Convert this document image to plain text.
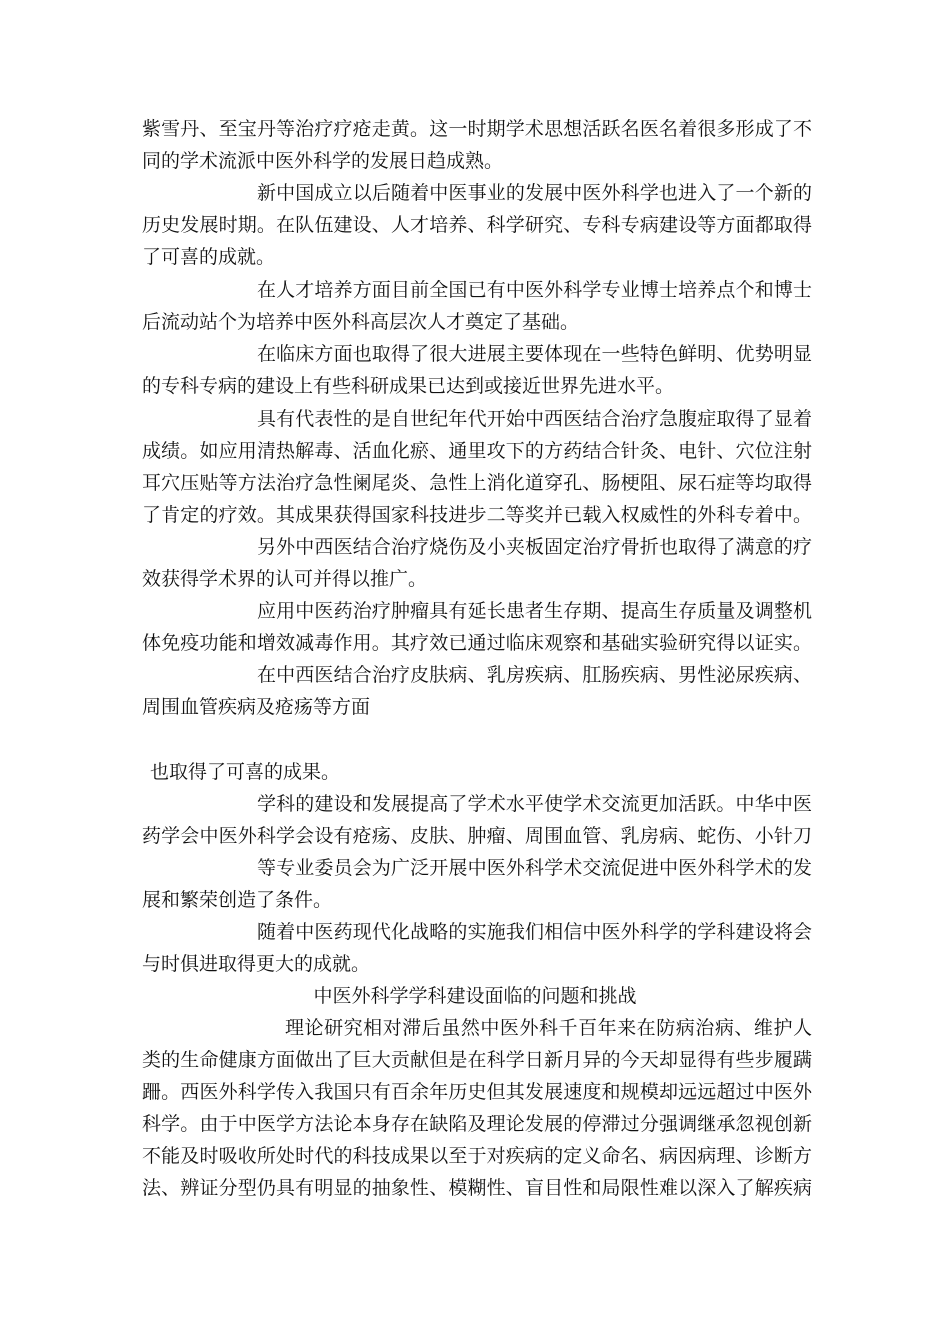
紫雪丹、至宝丹等治疗疗疮走黄。这一时期学术思想活跃名医名着很多形成了不
同的学术流派中医外科学的发展日趋成熟。
新中国成立以后随着中医事业的发展中医外科学也进入了一个新的
历史发展时期。在队伍建设、人才培养、科学研究、专科专病建设等方面都取得
了可喜的成就。
在人才培养方面目前全国已有中医外科学专业博士培养点个和博士
后流动站个为培养中医外科高层次人才奠定了基础。
在临床方面也取得了很大进展主要体现在一些特色鲜明、优势明显
的专科专病的建设上有些科研成果已达到或接近世界先进水平。
具有代表性的是自世纪年代开始中西医结合治疗急腹症取得了显着
成绩。如应用清热解毒、活血化瘀、通里攻下的方药结合针灸、电针、穴位注射
耳穴压贴等方法治疗急性阑尾炎、急性上消化道穿孔、肠梗阻、尿石症等均取得
了肯定的疗效。其成果获得国家科技进步二等奖并已载入权威性的外科专着中。
另外中西医结合治疗烧伤及小夹板固定治疗骨折也取得了满意的疗
效获得学术界的认可并得以推广。
应用中医药治疗肿瘤具有延长患者生存期、提高生存质量及调整机
体免疫功能和增效减毒作用。其疗效已通过临床观察和基础实验研究得以证实。
在中西医结合治疗皮肤病、乳房疾病、肛肠疾病、男性泌尿疾病、
周围血管疾病及疮疡等方面
也取得了可喜的成果。
学科的建设和发展提高了学术水平使学术交流更加活跃。中华中医
药学会中医外科学会设有疮疡、皮肤、肿瘤、周围血管、乳房病、蛇伤、小针刀
等专业委员会为广泛开展中医外科学术交流促进中医外科学术的发
展和繁荣创造了条件。
随着中医药现代化战略的实施我们相信中医外科学的学科建设将会
与时俱进取得更大的成就。
中医外科学学科建设面临的问题和挑战
理论研究相对滞后虽然中医外科千百年来在防病治病、维护人
类的生命健康方面做出了巨大贡献但是在科学日新月异的今天却显得有些步履蹒
跚。西医外科学传入我国只有百余年历史但其发展速度和规模却远远超过中医外
科学。由于中医学方法论本身存在缺陷及理论发展的停滞过分强调继承忽视创新
不能及时吸收所处时代的科技成果以至于对疾病的定义命名、病因病理、诊断方
法、辨证分型仍具有明显的抽象性、模糊性、盲目性和局限性难以深入了解疾病
